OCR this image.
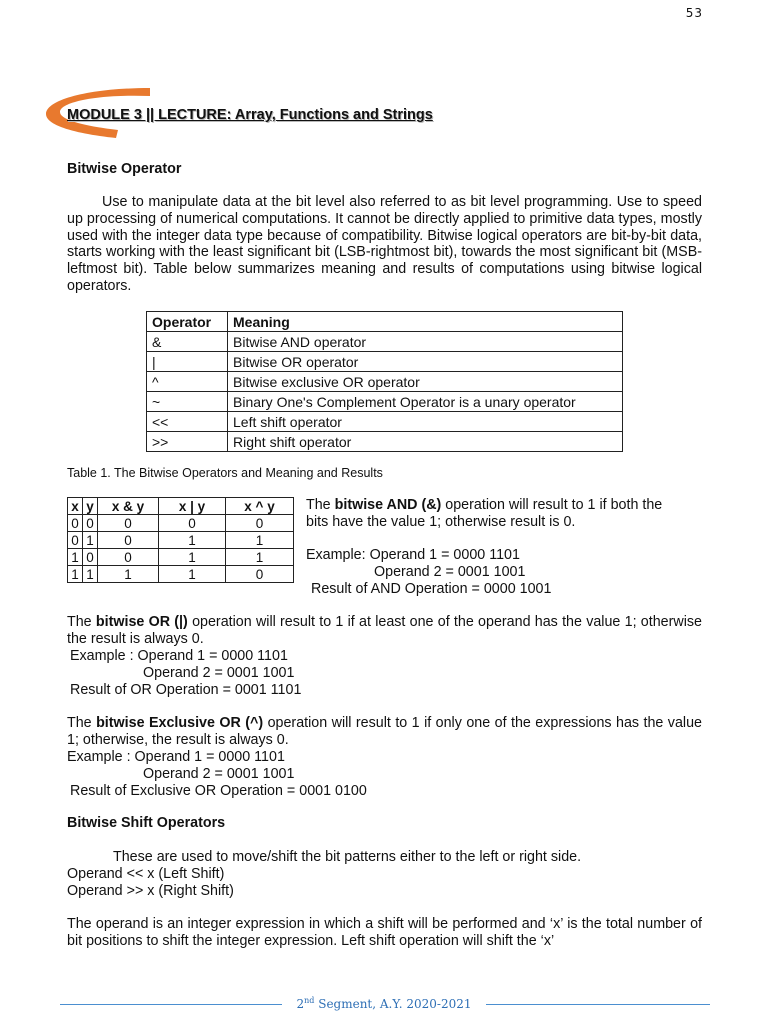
53
MODULE 3 || LECTURE: Array, Functions and Strings
Bitwise Operator
Use to manipulate data at the bit level also referred to as bit level programming. Use to speed up processing of numerical computations. It cannot be directly applied to primitive data types, mostly used with the integer data type because of compatibility. Bitwise logical operators are bit-by-bit data, starts working with the least significant bit (LSB-rightmost bit), towards the most significant bit (MSB-leftmost bit). Table below summarizes meaning and results of computations using bitwise logical operators.
Operator	Meaning
&	Bitwise AND operator
|	Bitwise OR operator
^	Bitwise exclusive OR operator
~	Binary One's Complement Operator is a unary operator
<<	Left shift operator
>>	Right shift operator
Table 1. The Bitwise Operators and Meaning and Results
x	y	x & y	x | y	x ^ y
0	0	0	0	0
0	1	0	1	1
1	0	0	1	1
1	1	1	1	0
The bitwise AND (&) operation will result to 1 if both the
bits have the value 1; otherwise result is 0.
Example: Operand 1 = 0000 1101
Operand 2 = 0001 1001
Result of AND Operation = 0000 1001
The bitwise OR (|) operation will result to 1 if at least one of the operand has the value 1; otherwise the result is always 0.
Example : Operand 1 = 0000 1101
Operand 2 = 0001 1001
Result of OR Operation = 0001 1101
The bitwise Exclusive OR (^) operation will result to 1 if only one of the expressions has the value 1; otherwise, the result is always 0.
Example : Operand 1 = 0000 1101
Operand 2 = 0001 1001
Result of Exclusive OR Operation = 0001 0100
Bitwise Shift Operators
These are used to move/shift the bit patterns either to the left or right side.
Operand << x (Left Shift)
Operand >> x (Right Shift)
The operand is an integer expression in which a shift will be performed and ‘x’ is the total number of bit positions to shift the integer expression. Left shift operation will shift the ‘x’
2nd Segment, A.Y. 2020-2021
